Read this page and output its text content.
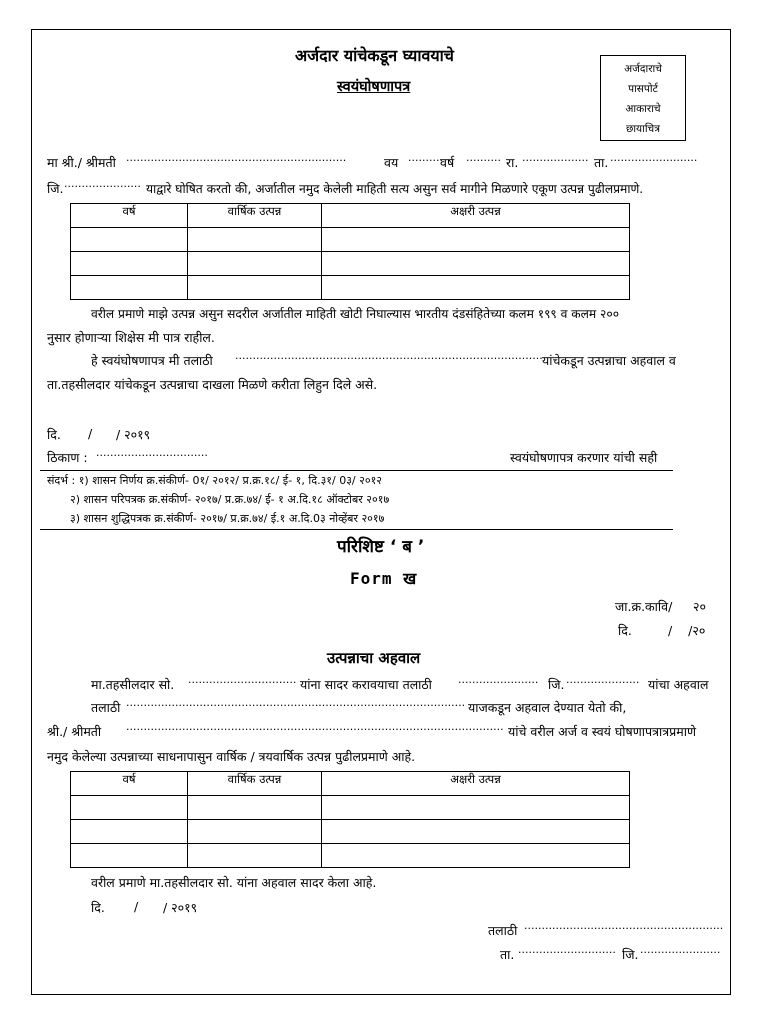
अर्जदार यांचेकडून घ्यावयाचे
स्वयंघोषणापत्र
अर्जदाराचे
पासपोर्ट
आकाराचे
छायाचित्र
मा श्री./ श्रीमती ·······························································	वय ··········
वर्ष ·········· रा. ··················· ता. ·························
जि. ······················ याद्वारे घोषित करतो की, अर्जातील नमुद केलेली माहिती सत्य असुन सर्व मागीने मिळणारे एकूण उत्पन्न पुढीलप्रमाणे.
वर्ष	वार्षिक उत्पन्न	अक्षरी उत्पन्न

वरील प्रमाणे माझे उत्पन्न असुन सदरील अर्जातील माहिती खोटी निघाल्यास भारतीय दंडसंहितेच्या कलम १९९ व कलम २००
नुसार होणाऱ्या शिक्षेस मी पात्र राहील.
हे स्वयंघोषणापत्र मी तलाठी ························································································ यांचेकडून उत्पन्नाचा अहवाल व
ता.तहसीलदार यांचेकडून उत्पन्नाचा दाखला मिळणे करीता लिहुन दिले असे.
दि. / / २०१९
ठिकाण : ································	स्वयंघोषणापत्र करणार यांची सही
संदर्भ : १) शासन निर्णय क्र.संकीर्ण- 0१/ २०१२/ प्र.क्र.१८/ ई- १, दि.३१/ 0३/ २०१२
२) शासन परिपत्रक क्र.संकीर्ण- २०१७/ प्र.क्र.७४/ ई- १ अ.दि.१८ ऑक्टोबर २०१७
३) शासन शुद्धिपत्रक क्र.संकीर्ण- २०१७/ प्र.क्र.७४/ ई.१ अ.दि.0३ नोव्हेंबर २०१७
परिशिष्ट ‘ ब ’
Form ख
जा.क्र.कावि/ २०
दि.	/    /२०
उत्पन्नाचा अहवाल
मा.तहसीलदार सो. ······························· यांना सादर करावयाचा तलाठी ······················· जि. ····················· यांचा अहवाल
तलाठी ································································································· याजकडून अहवाल देण्यात येतो की,
श्री./ श्रीमती ············································································································ यांचे वरील अर्ज व स्वयं घोषणापत्रात्रप्रमाणे
नमुद केलेल्या उत्पन्नाच्या साधनापासुन वार्षिक / त्रयवार्षिक उत्पन्न पुढीलप्रमाणे आहे.
वर्ष	वार्षिक उत्पन्न	अक्षरी उत्पन्न

वरील प्रमाणे मा.तहसीलदार सो. यांना अहवाल सादर केला आहे.
दि. / / २०१९
तलाठी ·························································
ता. ···························· जि. ·······················
